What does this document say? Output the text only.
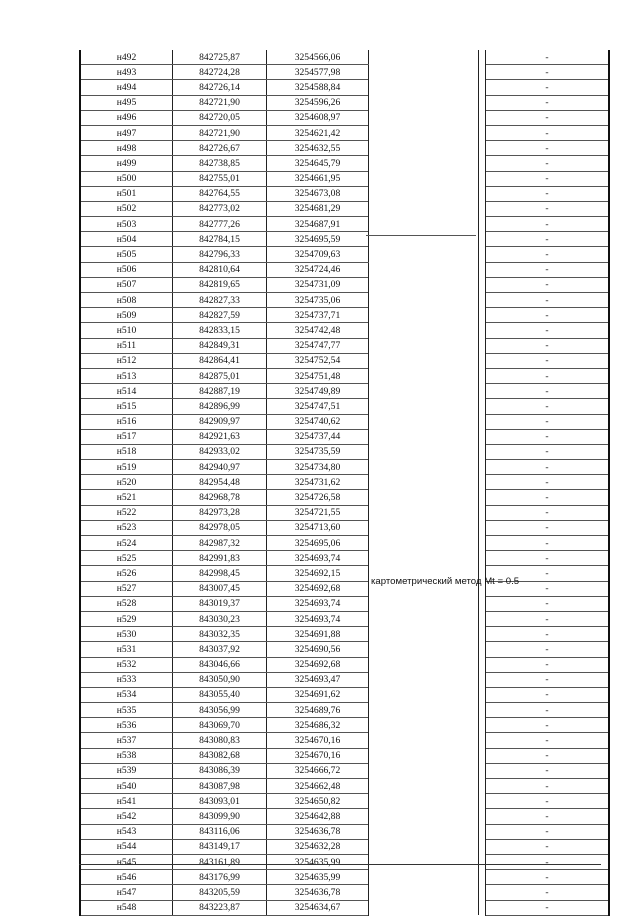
н492	842725,87	3254566,06			-
н493	842724,28	3254577,98			-
н494	842726,14	3254588,84			-
н495	842721,90	3254596,26			-
н496	842720,05	3254608,97			-
н497	842721,90	3254621,42			-
н498	842726,67	3254632,55			-
н499	842738,85	3254645,79			-
н500	842755,01	3254661,95			-
н501	842764,55	3254673,08			-
н502	842773,02	3254681,29			-
н503	842777,26	3254687,91			-
н504	842784,15	3254695,59			-
н505	842796,33	3254709,63	картометрический метод Mt = 0.5		-
н506	842810,64	3254724,46			-
н507	842819,65	3254731,09			-
н508	842827,33	3254735,06			-
н509	842827,59	3254737,71			-
н510	842833,15	3254742,48			-
н511	842849,31	3254747,77			-
н512	842864,41	3254752,54			-
н513	842875,01	3254751,48			-
н514	842887,19	3254749,89			-
н515	842896,99	3254747,51			-
н516	842909,97	3254740,62			-
н517	842921,63	3254737,44			-
н518	842933,02	3254735,59			-
н519	842940,97	3254734,80			-
н520	842954,48	3254731,62			-
н521	842968,78	3254726,58			-
н522	842973,28	3254721,55			-
н523	842978,05	3254713,60			-
н524	842987,32	3254695,06			-
н525	842991,83	3254693,74			-
н526	842998,45	3254692,15			-
н527	843007,45	3254692,68			-
н528	843019,37	3254693,74			-
н529	843030,23	3254693,74			-
н530	843032,35	3254691,88			-
н531	843037,92	3254690,56			-
н532	843046,66	3254692,68			-
н533	843050,90	3254693,47			-
н534	843055,40	3254691,62			-
н535	843056,99	3254689,76			-
н536	843069,70	3254686,32			-
н537	843080,83	3254670,16			-
н538	843082,68	3254670,16			-
н539	843086,39	3254666,72			-
н540	843087,98	3254662,48			-
н541	843093,01	3254650,82			-
н542	843099,90	3254642,88			-
н543	843116,06	3254636,78			-
н544	843149,17	3254632,28			-
н545	843161,89	3254635,99			-
н546	843176,99	3254635,99			-
н547	843205,59	3254636,78			-
н548	843223,87	3254634,67			-
